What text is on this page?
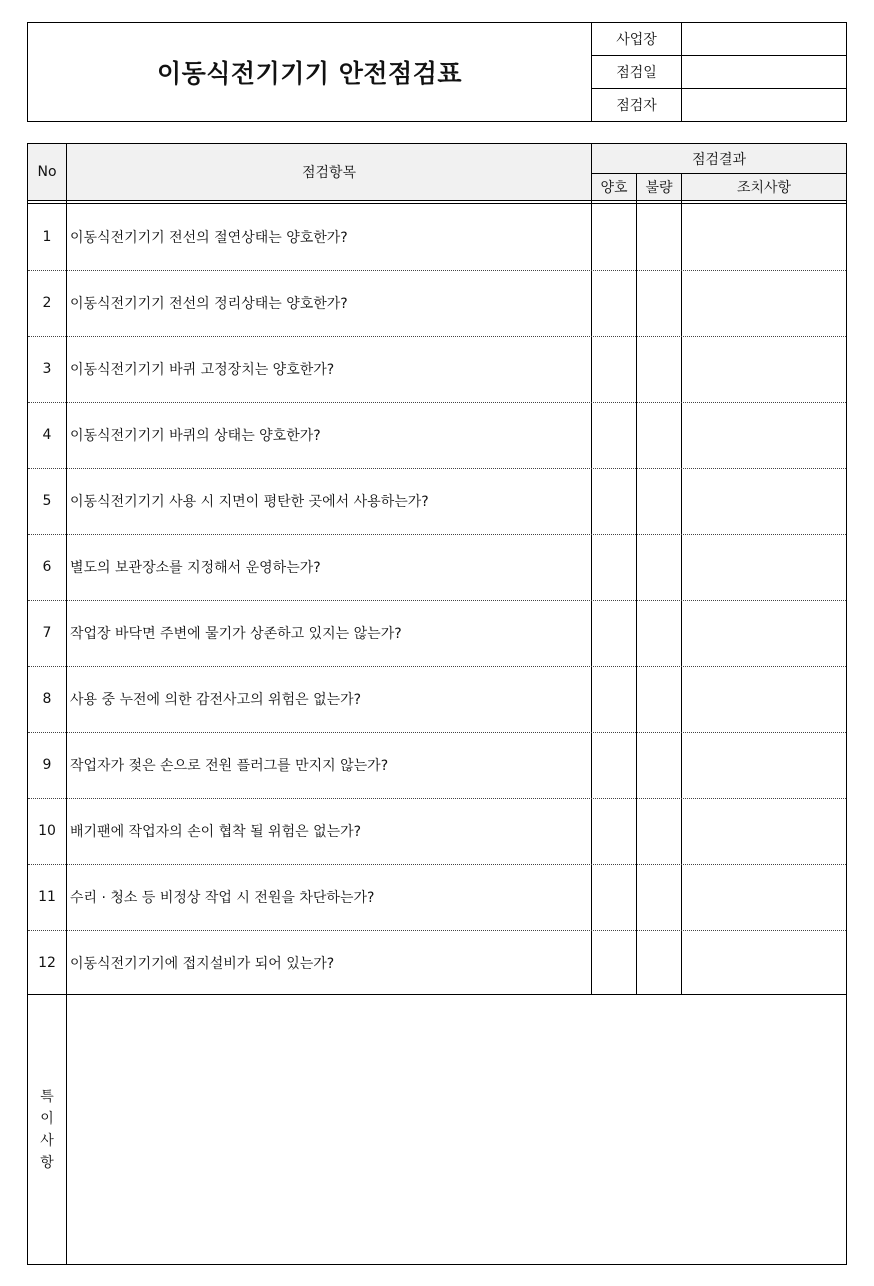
이동식전기기기 안전점검표
사업장
점검일
점검자
No	점검항목
점검결과
양호	불량	조치사항
1	이동식전기기기 전선의 절연상태는 양호한가?
2	이동식전기기기 전선의 정리상태는 양호한가?
3	이동식전기기기 바퀴 고정장치는 양호한가?
4	이동식전기기기 바퀴의 상태는 양호한가?
5	이동식전기기기 사용 시 지면이 평탄한 곳에서 사용하는가?
6	별도의 보관장소를 지정해서 운영하는가?
7	작업장 바닥면 주변에 물기가 상존하고 있지는 않는가?
8	사용 중 누전에 의한 감전사고의 위험은 없는가?
9	작업자가 젖은 손으로 전원 플러그를 만지지 않는가?
10	배기팬에 작업자의 손이 협착 될 위험은 없는가?
11	수리 · 청소 등 비정상 작업 시 전원을 차단하는가?
12	이동식전기기기에 접지설비가 되어 있는가?
특
이
사
항
